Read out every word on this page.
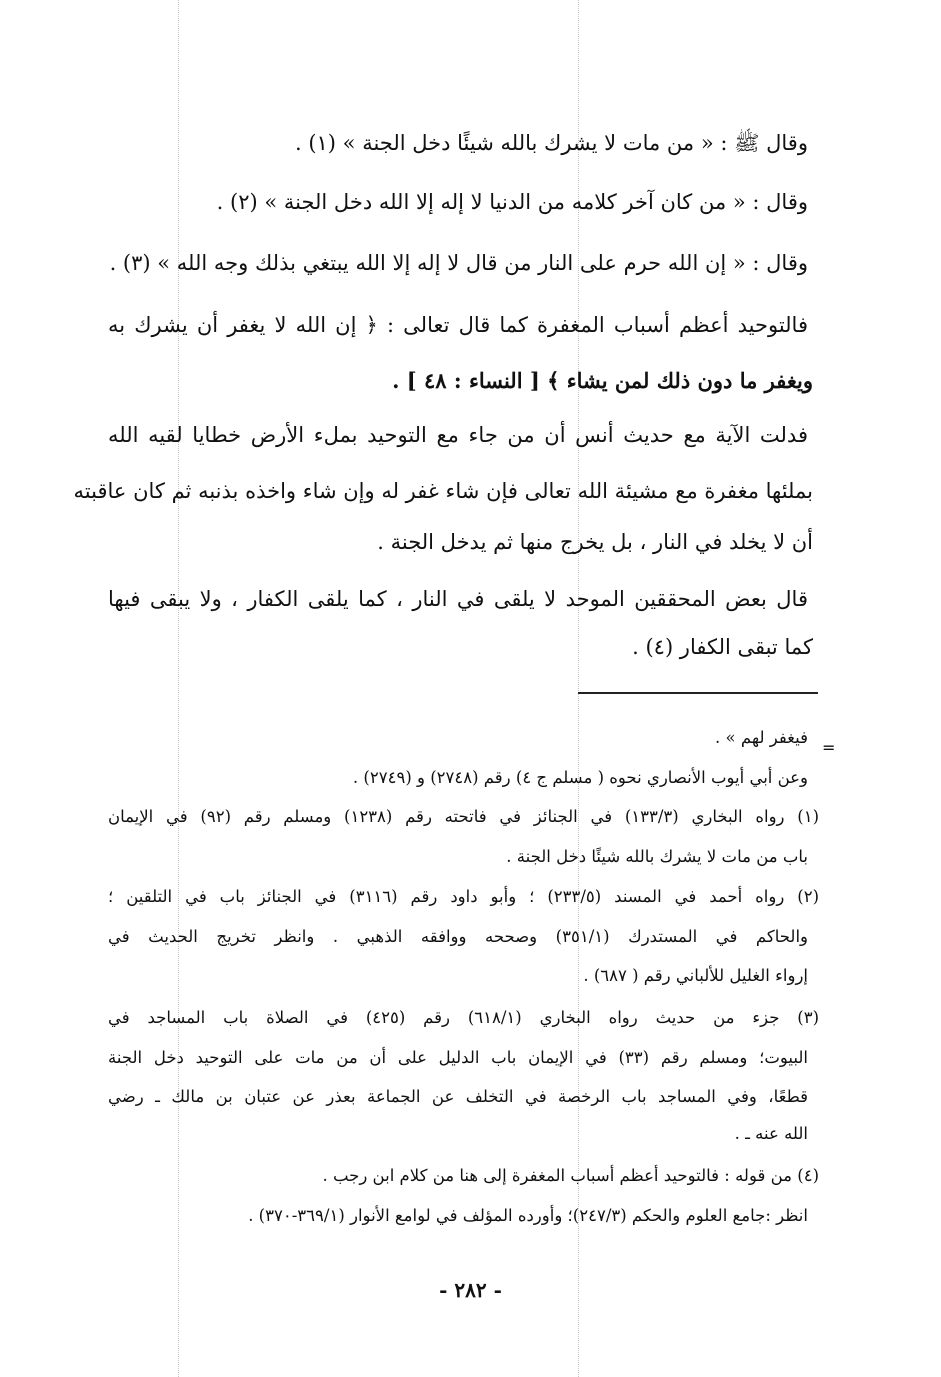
وقال ﷺ : « من مات لا يشرك بالله شيئًا دخل الجنة » (١) .
وقال : « من كان آخر كلامه من الدنيا لا إله إلا الله دخل الجنة » (٢) .
وقال : « إن الله حرم على النار من قال لا إله إلا الله يبتغي بذلك وجه الله » (٣) .
فالتوحيد أعظم أسباب المغفرة كما قال تعالى : ﴿ إن الله لا يغفر أن يشرك به
ويغفر ما دون ذلك لمن يشاء ﴾ [ النساء : ٤٨ ] .
فدلت الآية مع حديث أنس أن من جاء مع التوحيد بملء الأرض خطايا لقيه الله
بملئها مغفرة مع مشيئة الله تعالى فإن شاء غفر له وإن شاء واخذه بذنبه ثم كان عاقبته
أن لا يخلد في النار ، بل يخرج منها ثم يدخل الجنة .
قال بعض المحققين الموحد لا يلقى في النار ، كما يلقى الكفار ، ولا يبقى فيها
كما تبقى الكفار (٤) .
=
فيغفر لهم » .
وعن أبي أيوب الأنصاري نحوه ( مسلم ج ٤) رقم (٢٧٤٨) و (٢٧٤٩) .
(١) رواه البخاري (١٣٣/٣) في الجنائز في فاتحته رقم (١٢٣٨) ومسلم رقم (٩٢) في الإيمان
باب من مات لا يشرك بالله شيئًا دخل الجنة .
(٢) رواه أحمد في المسند (٢٣٣/٥) ؛ وأبو داود رقم (٣١١٦) في الجنائز باب في التلقين ؛
والحاكم في المستدرك (٣٥١/١) وصححه ووافقه الذهبي . وانظر تخريج الحديث في
إرواء الغليل للألباني رقم ( ٦٨٧) .
(٣) جزء من حديث رواه البخاري (٦١٨/١) رقم (٤٢٥) في الصلاة باب المساجد في
البيوت؛ ومسلم رقم (٣٣) في الإيمان باب الدليل على أن من مات على التوحيد دخل الجنة
قطعًا، وفي المساجد باب الرخصة في التخلف عن الجماعة بعذر عن عتبان بن مالك ـ رضي
الله عنه ـ .
(٤) من قوله : فالتوحيد أعظم أسباب المغفرة إلى هنا من كلام ابن رجب .
انظر :جامع العلوم والحكم (٢٤٧/٣)؛ وأورده المؤلف في لوامع الأنوار (٣٦٩/١-٣٧٠) .
- ٢٨٢ -
